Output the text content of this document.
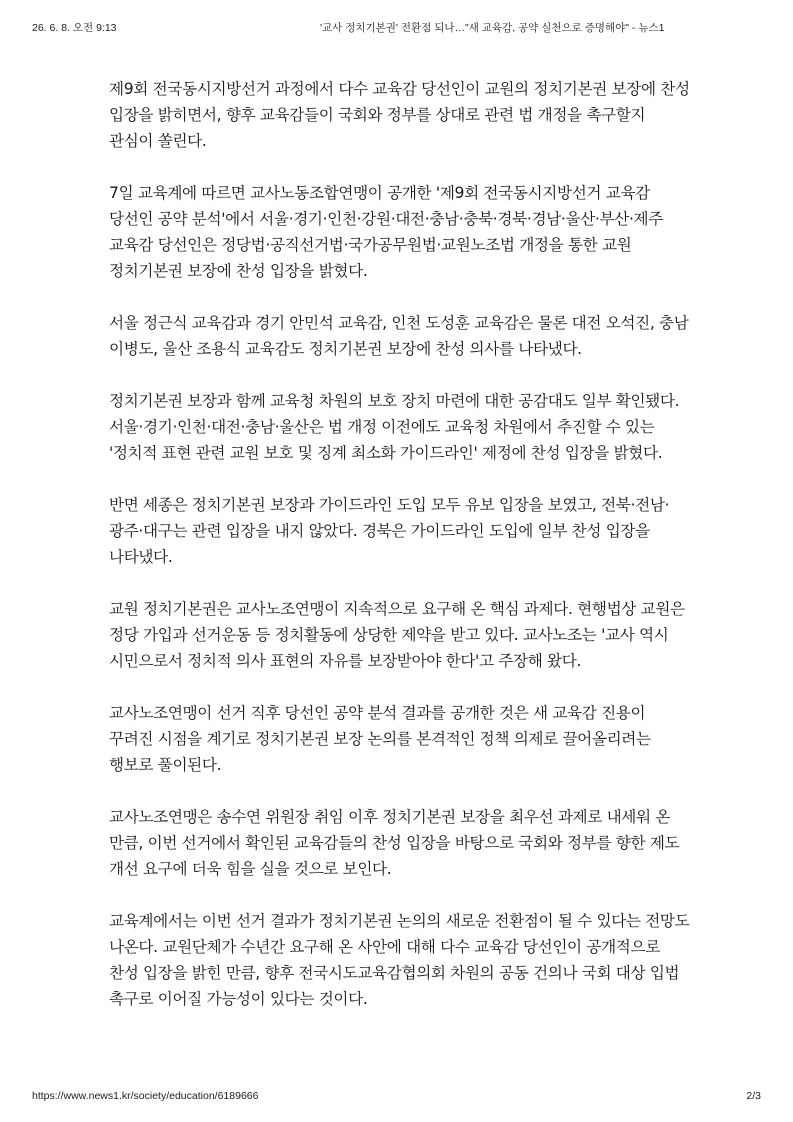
26. 6. 8. 오전 9:13	'교사 정치기본권' 전환점 되나…"새 교육감, 공약 실천으로 증명해야" - 뉴스1

제9회 전국동시지방선거 과정에서 다수 교육감 당선인이 교원의 정치기본권 보장에 찬성 입장을 밝히면서, 향후 교육감들이 국회와 정부를 상대로 관련 법 개정을 촉구할지 관심이 쏠린다.

7일 교육계에 따르면 교사노동조합연맹이 공개한 '제9회 전국동시지방선거 교육감 당선인 공약 분석'에서 서울·경기·인천·강원·대전·충남·충북·경북·경남·울산·부산·제주 교육감 당선인은 정당법·공직선거법·국가공무원법·교원노조법 개정을 통한 교원 정치기본권 보장에 찬성 입장을 밝혔다.

서울 정근식 교육감과 경기 안민석 교육감, 인천 도성훈 교육감은 물론 대전 오석진, 충남 이병도, 울산 조용식 교육감도 정치기본권 보장에 찬성 의사를 나타냈다.

정치기본권 보장과 함께 교육청 차원의 보호 장치 마련에 대한 공감대도 일부 확인됐다. 서울·경기·인천·대전·충남·울산은 법 개정 이전에도 교육청 차원에서 추진할 수 있는 '정치적 표현 관련 교원 보호 및 징계 최소화 가이드라인' 제정에 찬성 입장을 밝혔다.

반면 세종은 정치기본권 보장과 가이드라인 도입 모두 유보 입장을 보였고, 전북·전남·광주·대구는 관련 입장을 내지 않았다. 경북은 가이드라인 도입에 일부 찬성 입장을 나타냈다.

교원 정치기본권은 교사노조연맹이 지속적으로 요구해 온 핵심 과제다. 현행법상 교원은 정당 가입과 선거운동 등 정치활동에 상당한 제약을 받고 있다. 교사노조는 '교사 역시 시민으로서 정치적 의사 표현의 자유를 보장받아야 한다'고 주장해 왔다.

교사노조연맹이 선거 직후 당선인 공약 분석 결과를 공개한 것은 새 교육감 진용이 꾸려진 시점을 계기로 정치기본권 보장 논의를 본격적인 정책 의제로 끌어올리려는 행보로 풀이된다.

교사노조연맹은 송수연 위원장 취임 이후 정치기본권 보장을 최우선 과제로 내세워 온 만큼, 이번 선거에서 확인된 교육감들의 찬성 입장을 바탕으로 국회와 정부를 향한 제도 개선 요구에 더욱 힘을 실을 것으로 보인다.

교육계에서는 이번 선거 결과가 정치기본권 논의의 새로운 전환점이 될 수 있다는 전망도 나온다. 교원단체가 수년간 요구해 온 사안에 대해 다수 교육감 당선인이 공개적으로 찬성 입장을 밝힌 만큼, 향후 전국시도교육감협의회 차원의 공동 건의나 국회 대상 입법 촉구로 이어질 가능성이 있다는 것이다.

https://www.news1.kr/society/education/6189666	2/3
